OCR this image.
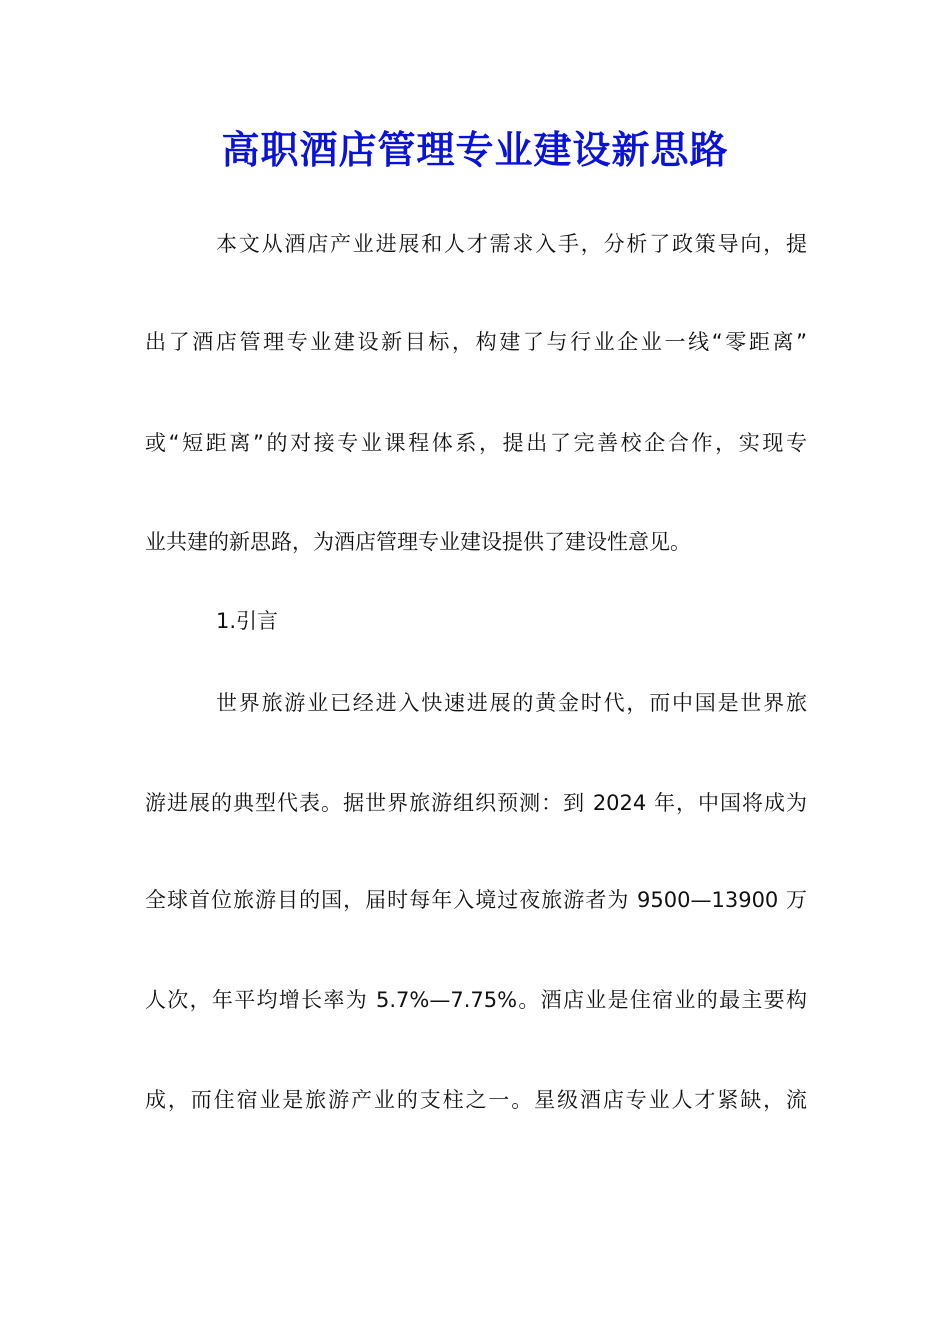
高职酒店管理专业建设新思路
本文从酒店产业进展和人才需求入手，分析了政策导向，提
出了酒店管理专业建设新目标，构建了与行业企业一线“零距离”
或“短距离”的对接专业课程体系，提出了完善校企合作，实现专
业共建的新思路，为酒店管理专业建设提供了建设性意见。
1.引言
世界旅游业已经进入快速进展的黄金时代，而中国是世界旅
游进展的典型代表。据世界旅游组织预测：到 2024 年，中国将成为
全球首位旅游目的国，届时每年入境过夜旅游者为 9500—13900 万
人次，年平均增长率为 5.7%—7.75%。酒店业是住宿业的最主要构
成，而住宿业是旅游产业的支柱之一。星级酒店专业人才紧缺，流
